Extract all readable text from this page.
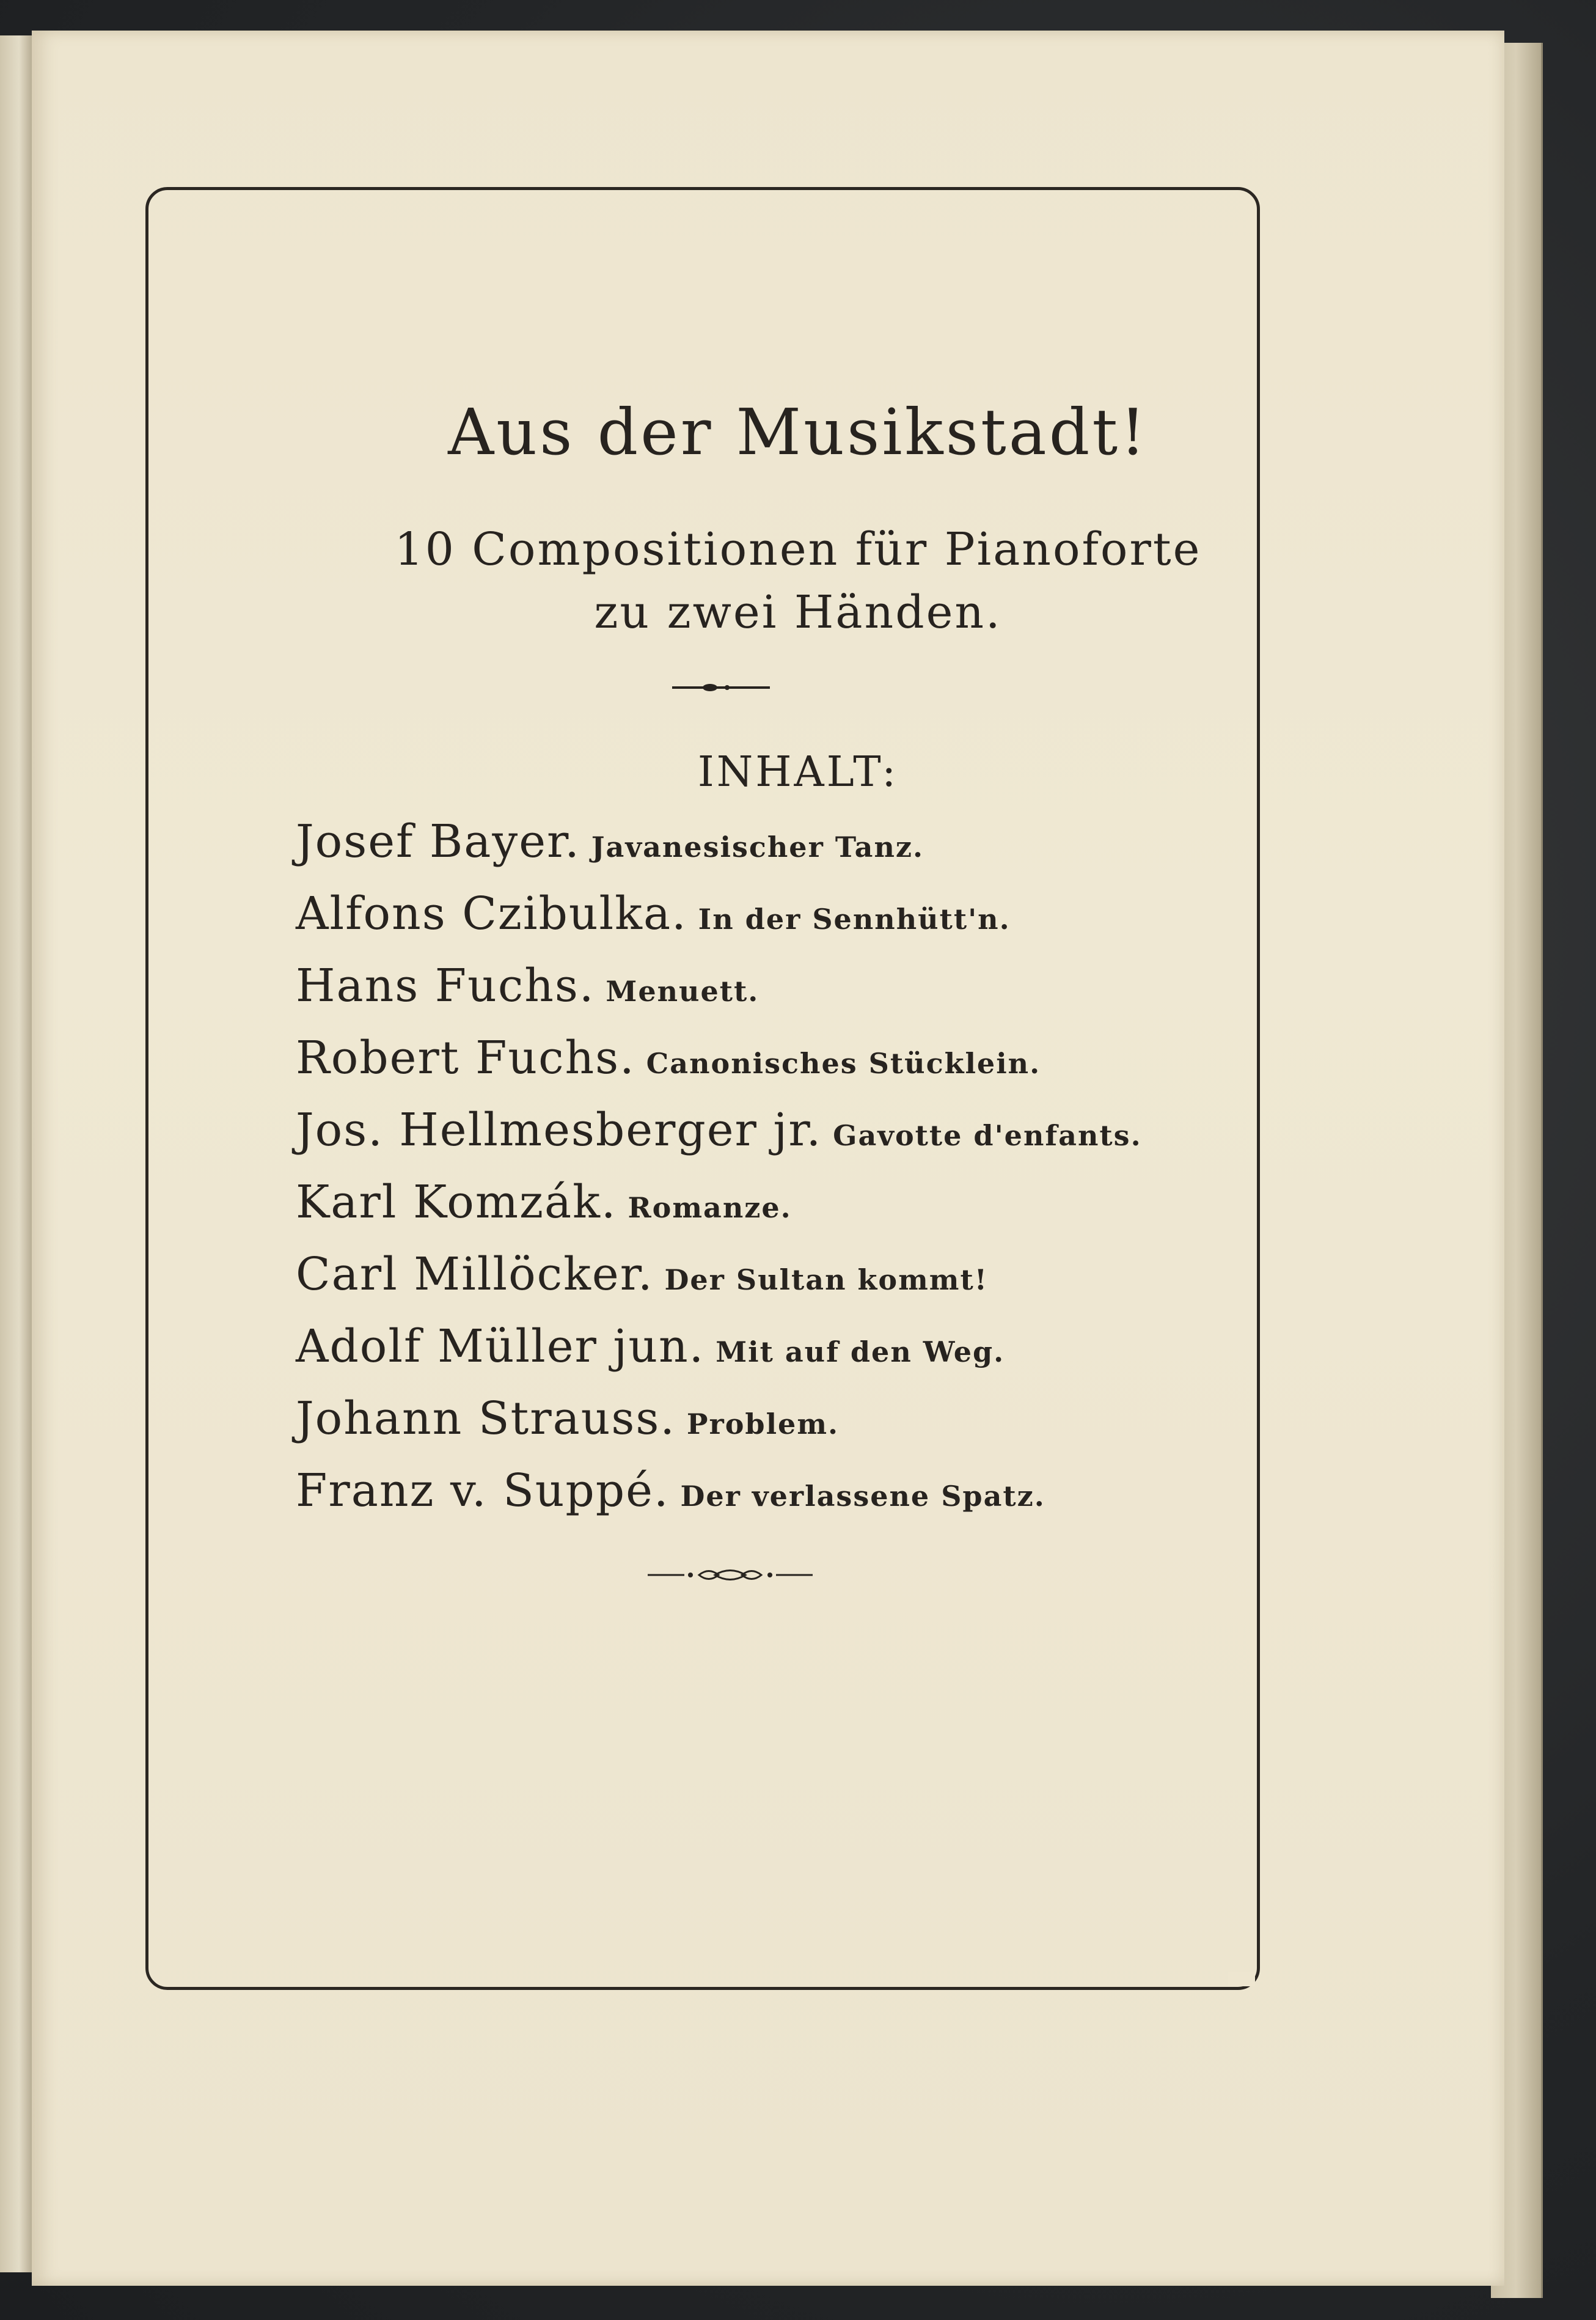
Aus der Musikstadt!
10 Compositionen für Pianoforte
zu zwei Händen.
INHALT:
Josef Bayer. Javanesischer Tanz.
Alfons Czibulka. In der Sennhütt'n.
Hans Fuchs. Menuett.
Robert Fuchs. Canonisches Stücklein.
Jos. Hellmesberger jr. Gavotte d'enfants.
Karl Komzák. Romanze.
Carl Millöcker. Der Sultan kommt!
Adolf Müller jun. Mit auf den Weg.
Johann Strauss. Problem.
Franz v. Suppé. Der verlassene Spatz.
